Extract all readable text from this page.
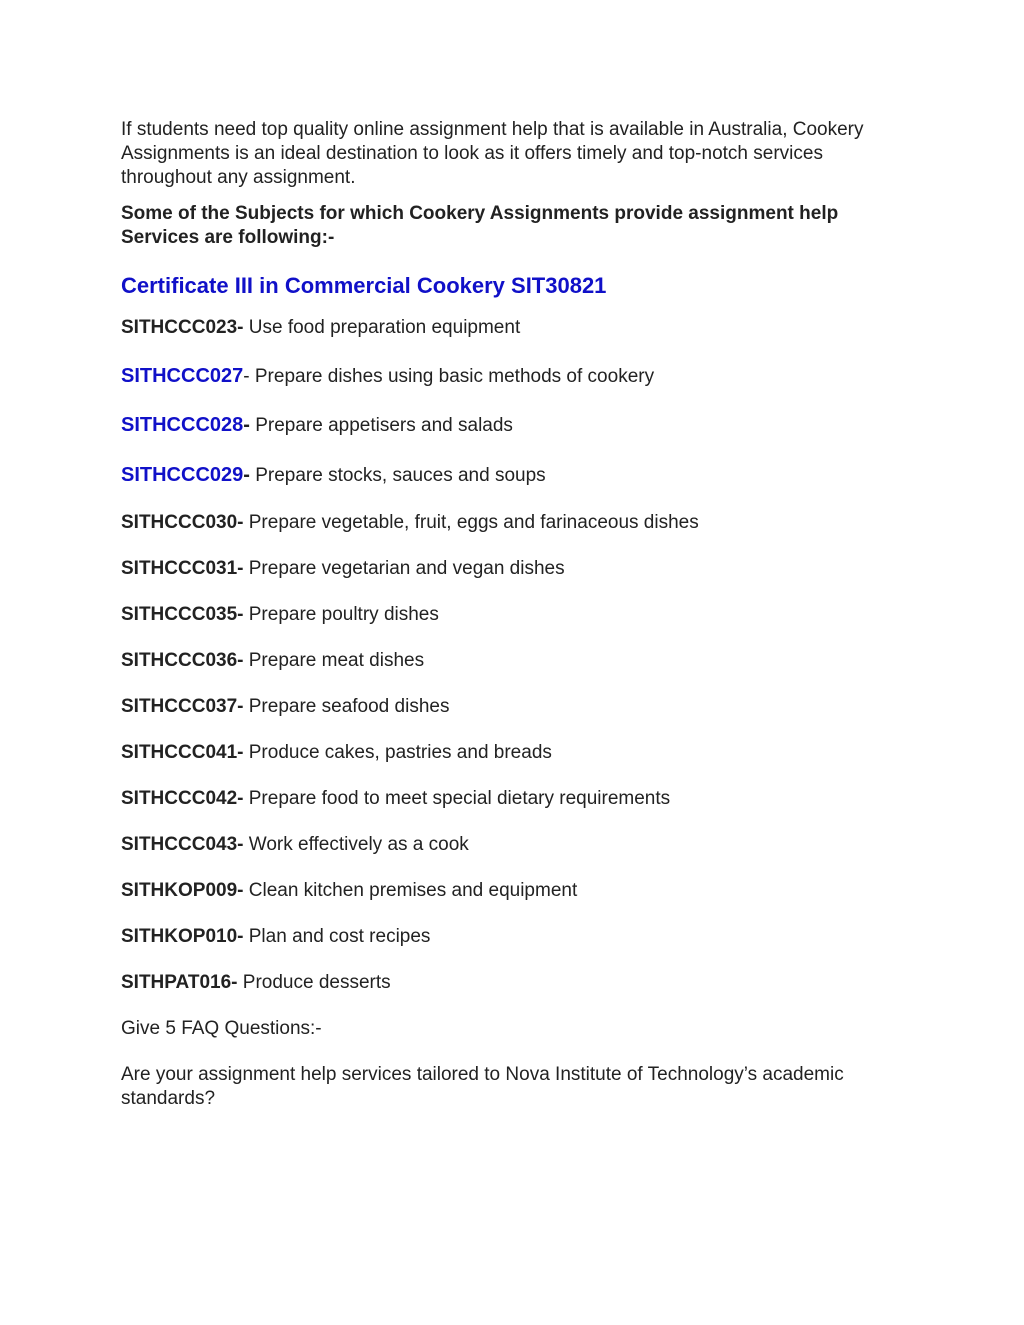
If students need top quality online assignment help that is available in Australia, Cookery Assignments is an ideal destination to look as it offers timely and top-notch services throughout any assignment.

Some of the Subjects for which Cookery Assignments provide assignment help Services are following:-

Certificate III in Commercial Cookery SIT30821

SITHCCC023- Use food preparation equipment

SITHCCC027- Prepare dishes using basic methods of cookery

SITHCCC028- Prepare appetisers and salads

SITHCCC029- Prepare stocks, sauces and soups

SITHCCC030- Prepare vegetable, fruit, eggs and farinaceous dishes

SITHCCC031- Prepare vegetarian and vegan dishes

SITHCCC035- Prepare poultry dishes

SITHCCC036- Prepare meat dishes

SITHCCC037- Prepare seafood dishes

SITHCCC041- Produce cakes, pastries and breads

SITHCCC042- Prepare food to meet special dietary requirements

SITHCCC043- Work effectively as a cook

SITHKOP009- Clean kitchen premises and equipment

SITHKOP010- Plan and cost recipes

SITHPAT016- Produce desserts

Give 5 FAQ Questions:-

Are your assignment help services tailored to Nova Institute of Technology’s academic standards?
